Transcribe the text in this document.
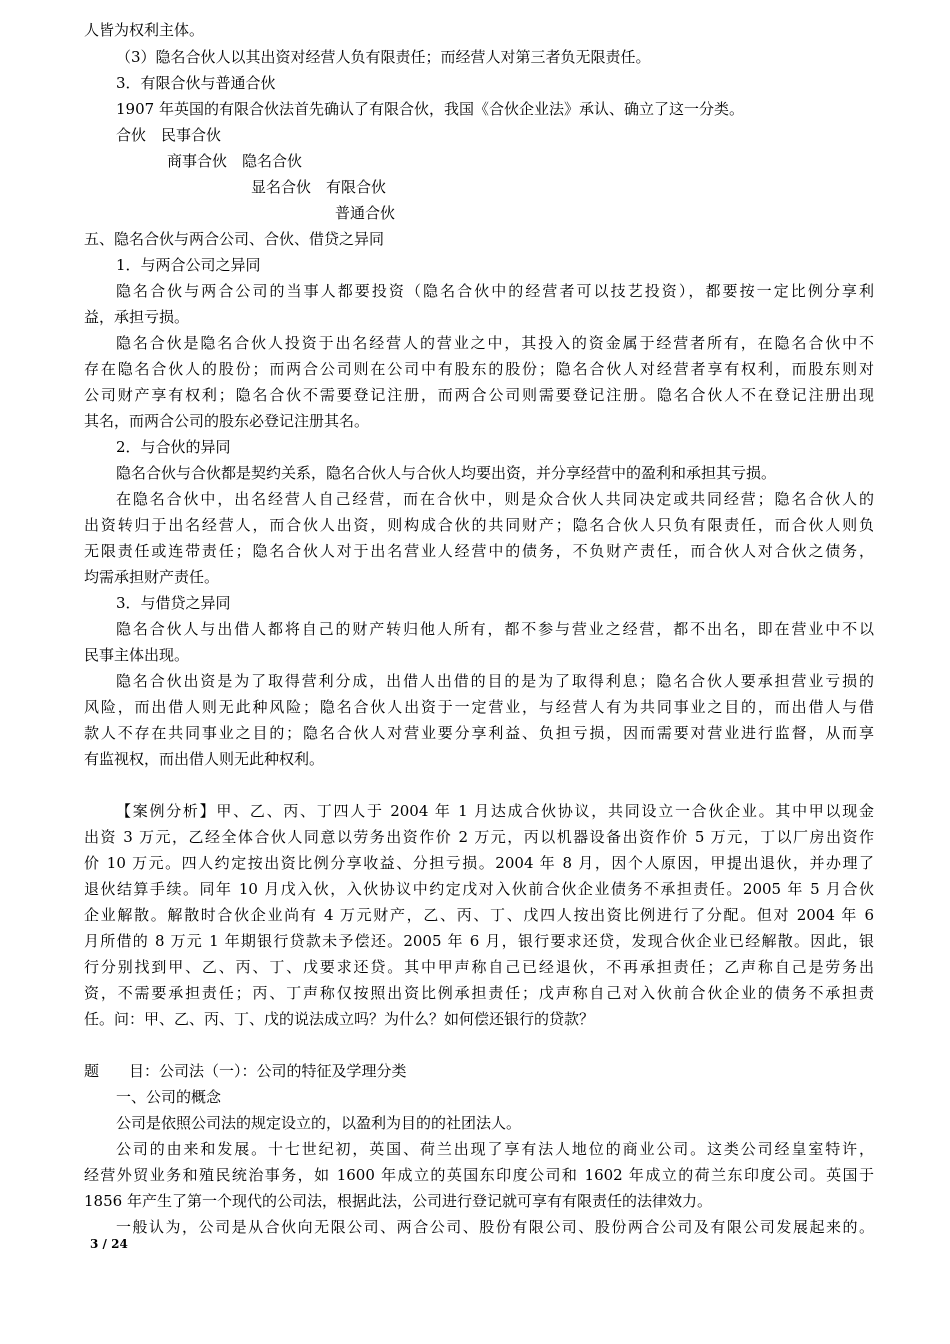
人皆为权利主体。
（3）隐名合伙人以其出资对经营人负有限责任；而经营人对第三者负无限责任。
3．有限合伙与普通合伙
1907 年英国的有限合伙法首先确认了有限合伙，我国《合伙企业法》承认、确立了这一分类。
合伙　民事合伙
商事合伙　隐名合伙
显名合伙　有限合伙
普通合伙
五、隐名合伙与两合公司、合伙、借贷之异同
1．与两合公司之异同
隐名合伙与两合公司的当事人都要投资（隐名合伙中的经营者可以技艺投资），都要按一定比例分享利
益，承担亏损。
隐名合伙是隐名合伙人投资于出名经营人的营业之中，其投入的资金属于经营者所有，在隐名合伙中不
存在隐名合伙人的股份；而两合公司则在公司中有股东的股份；隐名合伙人对经营者享有权利，而股东则对
公司财产享有权利；隐名合伙不需要登记注册，而两合公司则需要登记注册。隐名合伙人不在登记注册出现
其名，而两合公司的股东必登记注册其名。
2．与合伙的异同
隐名合伙与合伙都是契约关系，隐名合伙人与合伙人均要出资，并分享经营中的盈利和承担其亏损。
在隐名合伙中，出名经营人自己经营，而在合伙中，则是众合伙人共同决定或共同经营；隐名合伙人的
出资转归于出名经营人，而合伙人出资，则构成合伙的共同财产；隐名合伙人只负有限责任，而合伙人则负
无限责任或连带责任；隐名合伙人对于出名营业人经营中的债务，不负财产责任，而合伙人对合伙之债务，
均需承担财产责任。
3．与借贷之异同
隐名合伙人与出借人都将自己的财产转归他人所有，都不参与营业之经营，都不出名，即在营业中不以
民事主体出现。
隐名合伙出资是为了取得营利分成，出借人出借的目的是为了取得利息；隐名合伙人要承担营业亏损的
风险，而出借人则无此种风险；隐名合伙人出资于一定营业，与经营人有为共同事业之目的，而出借人与借
款人不存在共同事业之目的；隐名合伙人对营业要分享利益、负担亏损，因而需要对营业进行监督，从而享
有监视权，而出借人则无此种权利。
【案例分析】甲、乙、丙、丁四人于 2004 年 1 月达成合伙协议，共同设立一合伙企业。其中甲以现金
出资 3 万元，乙经全体合伙人同意以劳务出资作价 2 万元，丙以机器设备出资作价 5 万元，丁以厂房出资作
价 10 万元。四人约定按出资比例分享收益、分担亏损。2004 年 8 月，因个人原因，甲提出退伙，并办理了
退伙结算手续。同年 10 月戊入伙，入伙协议中约定戊对入伙前合伙企业债务不承担责任。2005 年 5 月合伙
企业解散。解散时合伙企业尚有 4 万元财产，乙、丙、丁、戊四人按出资比例进行了分配。但对 2004 年 6
月所借的 8 万元 1 年期银行贷款未予偿还。2005 年 6 月，银行要求还贷，发现合伙企业已经解散。因此，银
行分别找到甲、乙、丙、丁、戊要求还贷。其中甲声称自己已经退伙，不再承担责任；乙声称自己是劳务出
资，不需要承担责任；丙、丁声称仅按照出资比例承担责任；戊声称自己对入伙前合伙企业的债务不承担责
任。问：甲、乙、丙、丁、戊的说法成立吗？为什么？如何偿还银行的贷款？
题　　目：公司法（一）：公司的特征及学理分类
一、公司的概念
公司是依照公司法的规定设立的，以盈利为目的的社团法人。
公司的由来和发展。十七世纪初，英国、荷兰出现了享有法人地位的商业公司。这类公司经皇室特许，
经营外贸业务和殖民统治事务，如 1600 年成立的英国东印度公司和 1602 年成立的荷兰东印度公司。英国于
1856 年产生了第一个现代的公司法，根据此法，公司进行登记就可享有有限责任的法律效力。
一般认为，公司是从合伙向无限公司、两合公司、股份有限公司、股份两合公司及有限公司发展起来的。
3 / 24
